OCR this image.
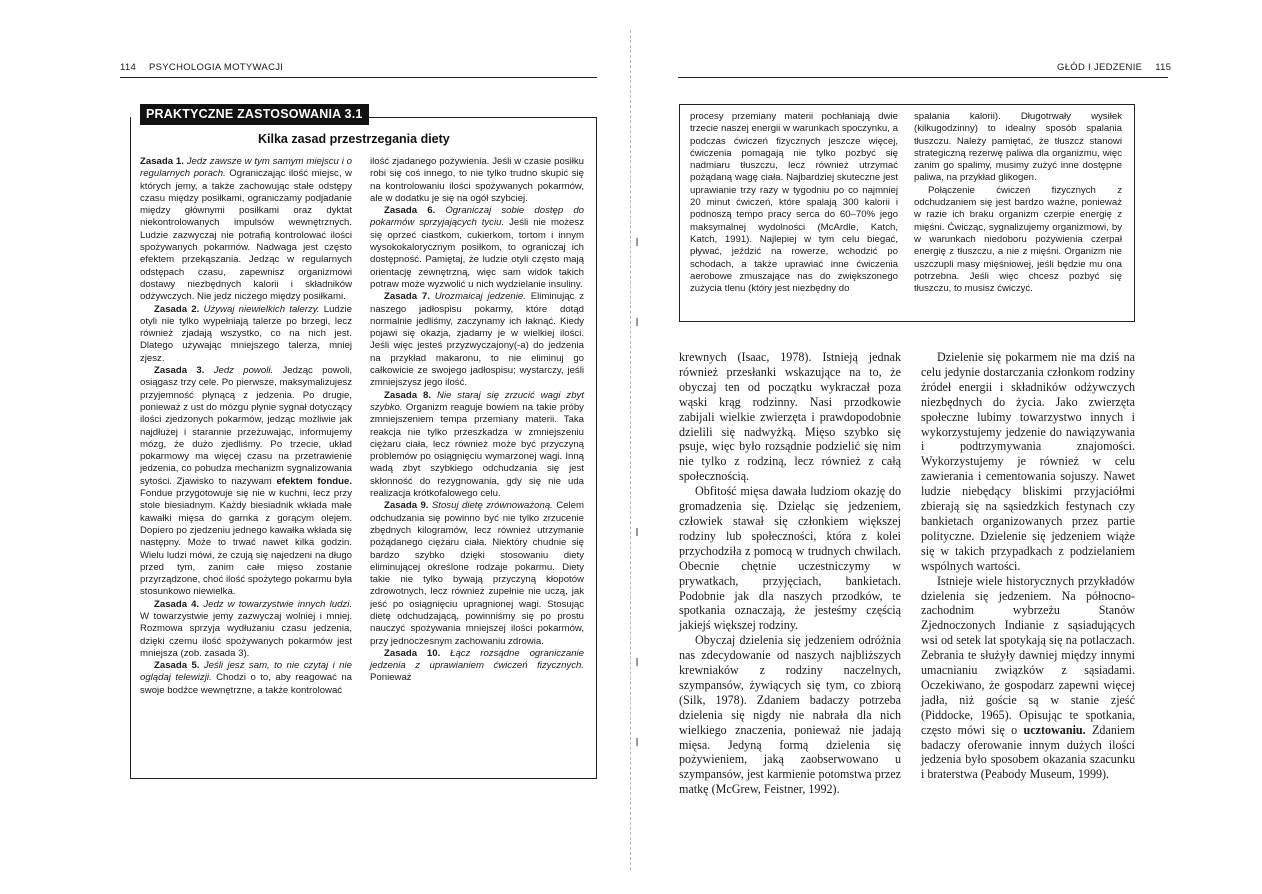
114 PSYCHOLOGIA MOTYWACJI
PRAKTYCZNE ZASTOSOWANIA 3.1
Kilka zasad przestrzegania diety

Zasada 1. Jedz zawsze w tym samym miejscu i o regularnych porach. Ograniczając ilość miejsc, w których jemy, a także zachowując stałe odstępy czasu między posiłkami, ograniczamy podjadanie między głównymi posiłkami oraz dyktat niekontrolowanych impulsów wewnętrznych. Ludzie zazwyczaj nie potrafią kontrolować ilości spożywanych pokarmów. Nadwaga jest często efektem przekąszania. Jedząc w regularnych odstępach czasu, zapewnisz organizmowi dostawy niezbędnych kalorii i składników odżywczych. Nie jedz niczego między posiłkami.

Zasada 2. Używaj niewielkich talerzy. Ludzie otyli nie tylko wypełniają talerze po brzegi, lecz również zjadają wszystko, co na nich jest. Dlatego używając mniejszego talerza, mniej zjesz.

Zasada 3. Jedz powoli. Jedząc powoli, osiągasz trzy cele. Po pierwsze, maksymalizujesz przyjemność płynącą z jedzenia. Po drugie, ponieważ z ust do mózgu płynie sygnał dotyczący ilości zjedzonych pokarmów, jedząc możliwie jak najdłużej i starannie przeżuwając, informujemy mózg, że dużo zjedliśmy. Po trzecie, układ pokarmowy ma więcej czasu na przetrawienie jedzenia, co pobudza mechanizm sygnalizowania sytości. Zjawisko to nazywam efektem fondue. Fondue przygotowuje się nie w kuchni, lecz przy stole biesiadnym. Każdy biesiadnik wkłada małe kawałki mięsa do garnka z gorącym olejem. Dopiero po zjedzeniu jednego kawałka wkłada się następny. Może to trwać nawet kilka godzin. Wielu ludzi mówi, że czują się najedzeni na długo przed tym, zanim całe mięso zostanie przyrządzone, choć ilość spożytego pokarmu była stosunkowo niewielka.

Zasada 4. Jedz w towarzystwie innych ludzi. W towarzystwie jemy zazwyczaj wolniej i mniej. Rozmowa sprzyja wydłużaniu czasu jedzenia, dzięki czemu ilość spożywanych pokarmów jest mniejsza (zob. zasada 3).

Zasada 5. Jeśli jesz sam, to nie czytaj i nie oglądaj telewizji. Chodzi o to, aby reagować na swoje bodźce wewnętrzne, a także kontrolować

ilość zjadanego pożywienia. Jeśli w czasie posiłku robi się coś innego, to nie tylko trudno skupić się na kontrolowaniu ilości spożywanych pokarmów, ale w dodatku je się na ogół szybciej.

Zasada 6. Ograniczaj sobie dostęp do pokarmów sprzyjających tyciu. Jeśli nie możesz się oprzeć ciastkom, cukierkom, tortom i innym wysokokalorycznym posiłkom, to ograniczaj ich dostępność. Pamiętaj, że ludzie otyli często mają orientację zewnętrzną, więc sam widok takich potraw może wyzwolić u nich wydzielanie insuliny.

Zasada 7. Urozmaicaj jedzenie. Eliminując z naszego jadłospisu pokarmy, które dotąd normalnie jedliśmy, zaczynamy ich łaknąć. Kiedy pojawi się okazja, zjadamy je w wielkiej ilości. Jeśli więc jesteś przyzwyczajony(-a) do jedzenia na przykład makaronu, to nie eliminuj go całkowicie ze swojego jadłospisu; wystarczy, jeśli zmniejszysz jego ilość.

Zasada 8. Nie staraj się zrzucić wagi zbyt szybko. Organizm reaguje bowiem na takie próby zmniejszeniem tempa przemiany materii. Taka reakcja nie tylko przeszkadza w zmniejszeniu ciężaru ciała, lecz również może być przyczyną problemów po osiągnięciu wymarzonej wagi. Inną wadą zbyt szybkiego odchudzania się jest skłonność do rezygnowania, gdy się nie uda realizacja krótkofalowego celu.

Zasada 9. Stosuj dietę zrównoważoną. Celem odchudzania się powinno być nie tylko zrzucenie zbędnych kilogramów, lecz również utrzymanie pożądanego ciężaru ciała. Niektóry chudnie się bardzo szybko dzięki stosowaniu diety eliminującej określone rodzaje pokarmu. Diety takie nie tylko bywają przyczyną kłopotów zdrowotnych, lecz również zupełnie nie uczą, jak jeść po osiągnięciu upragnionej wagi. Stosując dietę odchudzającą, powinniśmy się po prostu nauczyć spożywania mniejszej ilości pokarmów, przy jednoczesnym zachowaniu zdrowia.

Zasada 10. Łącz rozsądne ograniczanie jedzenia z uprawianiem ćwiczeń fizycznych. Ponieważ

GŁÓD I JEDZENIE 115

procesy przemiany materii pochłaniają dwie trzecie naszej energii w warunkach spoczynku, a podczas ćwiczeń fizycznych jeszcze więcej, ćwiczenia pomagają nie tylko pozbyć się nadmiaru tłuszczu, lecz również utrzymać pożądaną wagę ciała. Najbardziej skuteczne jest uprawianie trzy razy w tygodniu po co najmniej 20 minut ćwiczeń, które spalają 300 kalorii i podnoszą tempo pracy serca do 60–70% jego maksymalnej wydolności (McArdle, Katch, Katch, 1991). Najlepiej w tym celu biegać, pływać, jeździć na rowerze, wchodzić po schodach, a także uprawiać inne ćwiczenia aerobowe zmuszające nas do zwiększonego zużycia tlenu (który jest niezbędny do

spalania kalorii). Długotrwały wysiłek (kilkugodzinny) to idealny sposób spalania tłuszczu. Należy pamiętać, że tłuszcz stanowi strategiczną rezerwę paliwa dla organizmu, więc zanim go spalimy, musimy zużyć inne dostępne paliwa, na przykład glikogen.

Połączenie ćwiczeń fizycznych z odchudzaniem się jest bardzo ważne, ponieważ w razie ich braku organizm czerpie energię z mięśni. Ćwicząc, sygnalizujemy organizmowi, by w warunkach niedoboru pożywienia czerpał energię z tłuszczu, a nie z mięśni. Organizm nie uszczupli masy mięśniowej, jeśli będzie mu ona potrzebna. Jeśli więc chcesz pozbyć się tłuszczu, to musisz ćwiczyć.

krewnych (Isaac, 1978). Istnieją jednak również przesłanki wskazujące na to, że obyczaj ten od początku wykraczał poza wąski krąg rodzinny. Nasi przodkowie zabijali wielkie zwierzęta i prawdopodobnie dzielili się nadwyżką. Mięso szybko się psuje, więc było rozsądnie podzielić się nim nie tylko z rodziną, lecz również z całą społecznością.

Obfitość mięsa dawała ludziom okazję do gromadzenia się. Dzieląc się jedzeniem, człowiek stawał się członkiem większej rodziny lub społeczności, która z kolei przychodziła z pomocą w trudnych chwilach. Obecnie chętnie uczestniczymy w prywatkach, przyjęciach, bankietach. Podobnie jak dla naszych przodków, te spotkania oznaczają, że jesteśmy częścią jakiejś większej rodziny.

Obyczaj dzielenia się jedzeniem odróżnia nas zdecydowanie od naszych najbliższych krewniaków z rodziny naczelnych, szympansów, żywiących się tym, co zbiorą (Silk, 1978). Zdaniem badaczy potrzeba dzielenia się nigdy nie nabrała dla nich wielkiego znaczenia, ponieważ nie jadają mięsa. Jedyną formą dzielenia się pożywieniem, jaką zaobserwowano u szympansów, jest karmienie potomstwa przez matkę (McGrew, Feistner, 1992).

Dzielenie się pokarmem nie ma dziś na celu jedynie dostarczania członkom rodziny źródeł energii i składników odżywczych niezbędnych do życia. Jako zwierzęta społeczne lubimy towarzystwo innych i wykorzystujemy jedzenie do nawiązywania i podtrzymywania znajomości. Wykorzystujemy je również w celu zawierania i cementowania sojuszy. Nawet ludzie niebędący bliskimi przyjaciółmi zbierają się na sąsiedzkich festynach czy bankietach organizowanych przez partie polityczne. Dzielenie się jedzeniem wiąże się w takich przypadkach z podzielaniem wspólnych wartości.

Istnieje wiele historycznych przykładów dzielenia się jedzeniem. Na północno-zachodnim wybrzeżu Stanów Zjednoczonych Indianie z sąsiadujących wsi od setek lat spotykają się na potlaczach. Zebrania te służyły dawniej między innymi umacnianiu związków z sąsiadami. Oczekiwano, że gospodarz zapewni więcej jadła, niż goście są w stanie zjeść (Piddocke, 1965). Opisując te spotkania, często mówi się o ucztowaniu. Zdaniem badaczy oferowanie innym dużych ilości jedzenia było sposobem okazania szacunku i braterstwa (Peabody Museum, 1999).
